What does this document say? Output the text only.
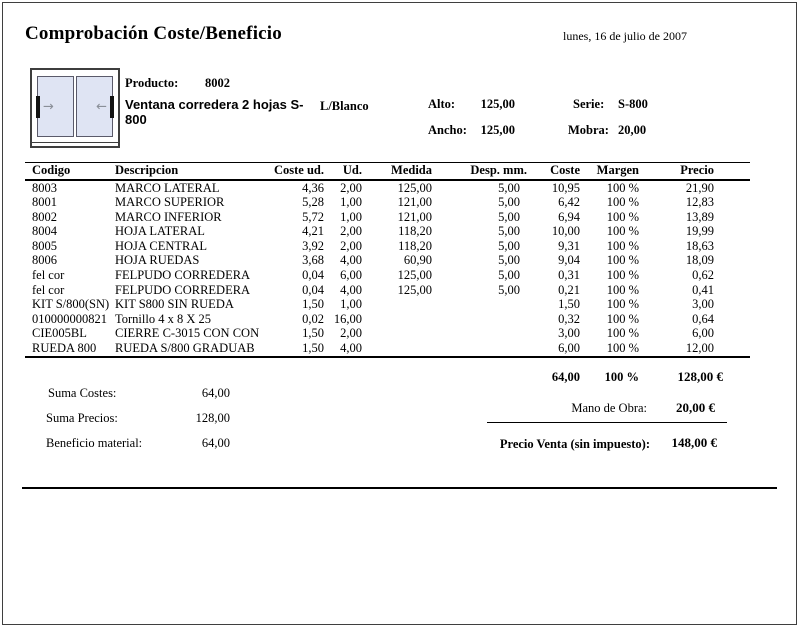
Comprobación Coste/Beneficio	lunes, 16 de julio de 2007
→	←
Producto: 8002
Ventana corredera 2 hojas S-800
L/Blanco	Alto:	125,00	Serie: S-800
Ancho:	125,00	Mobra: 20,00
Codigo	Descripcion	Coste ud.	Ud.	Medida	Desp. mm.	Coste	Margen	Precio
8003	MARCO LATERAL	4,36	2,00	125,00	5,00	10,95	100 %	21,90
8001	MARCO SUPERIOR	5,28	1,00	121,00	5,00	6,42	100 %	12,83
8002	MARCO INFERIOR	5,72	1,00	121,00	5,00	6,94	100 %	13,89
8004	HOJA LATERAL	4,21	2,00	118,20	5,00	10,00	100 %	19,99
8005	HOJA CENTRAL	3,92	2,00	118,20	5,00	9,31	100 %	18,63
8006	HOJA RUEDAS	3,68	4,00	60,90	5,00	9,04	100 %	18,09
fel cor	FELPUDO CORREDERA	0,04	6,00	125,00	5,00	0,31	100 %	0,62
fel cor	FELPUDO CORREDERA	0,04	4,00	125,00	5,00	0,21	100 %	0,41
KIT S/800(SN)	KIT S800 SIN RUEDA	1,50	1,00			1,50	100 %	3,00
010000000821	Tornillo 4 x 8 X 25	0,02	16,00			0,32	100 %	0,64
CIE005BL	CIERRE C-3015 CON CON	1,50	2,00			3,00	100 %	6,00
RUEDA 800	RUEDA S/800 GRADUAB	1,50	4,00			6,00	100 %	12,00
64,00	100 %	128,00 €
Suma Costes:	64,00
Suma Precios:	128,00
Beneficio material:	64,00
Mano de Obra:	20,00 €
Precio Venta (sin impuesto):	148,00 €
